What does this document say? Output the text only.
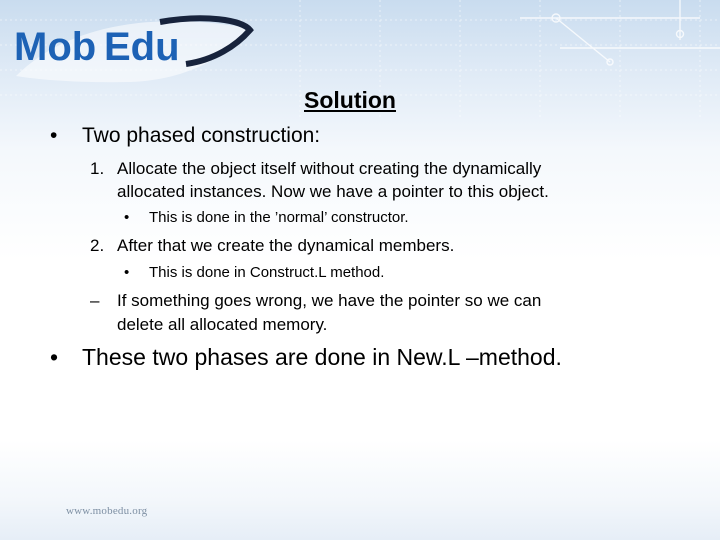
Mob Edu
Solution
• Two phased construction:
1. Allocate the object itself without creating the dynamically
allocated instances. Now we have a pointer to this object.
• This is done in the ’normal’ constructor.
2. After that we create the dynamical members.
• This is done in Construct.L method.
– If something goes wrong, we have the pointer so we can
delete all allocated memory.
• These two phases are done in New.L –method.
www.mobedu.org
